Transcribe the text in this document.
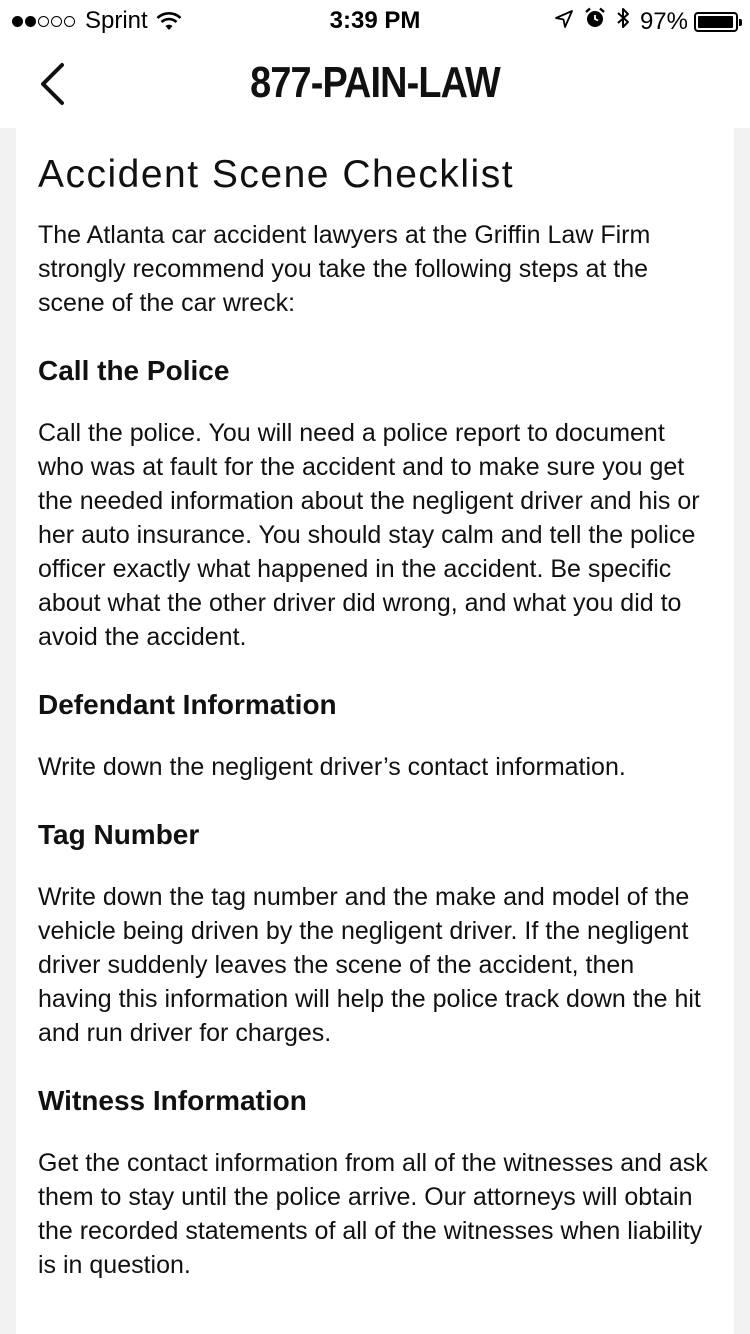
Sprint	3:39 PM	97%
877-PAIN-LAW
Accident Scene Checklist

The Atlanta car accident lawyers at the Griffin Law Firm strongly recommend you take the following steps at the scene of the car wreck:

Call the Police

Call the police. You will need a police report to document who was at fault for the accident and to make sure you get the needed information about the negligent driver and his or her auto insurance. You should stay calm and tell the police officer exactly what happened in the accident. Be specific about what the other driver did wrong, and what you did to avoid the accident.

Defendant Information

Write down the negligent driver’s contact information.

Tag Number

Write down the tag number and the make and model of the vehicle being driven by the negligent driver. If the negligent driver suddenly leaves the scene of the accident, then having this information will help the police track down the hit and run driver for charges.

Witness Information

Get the contact information from all of the witnesses and ask them to stay until the police arrive. Our attorneys will obtain the recorded statements of all of the witnesses when liability is in question.
